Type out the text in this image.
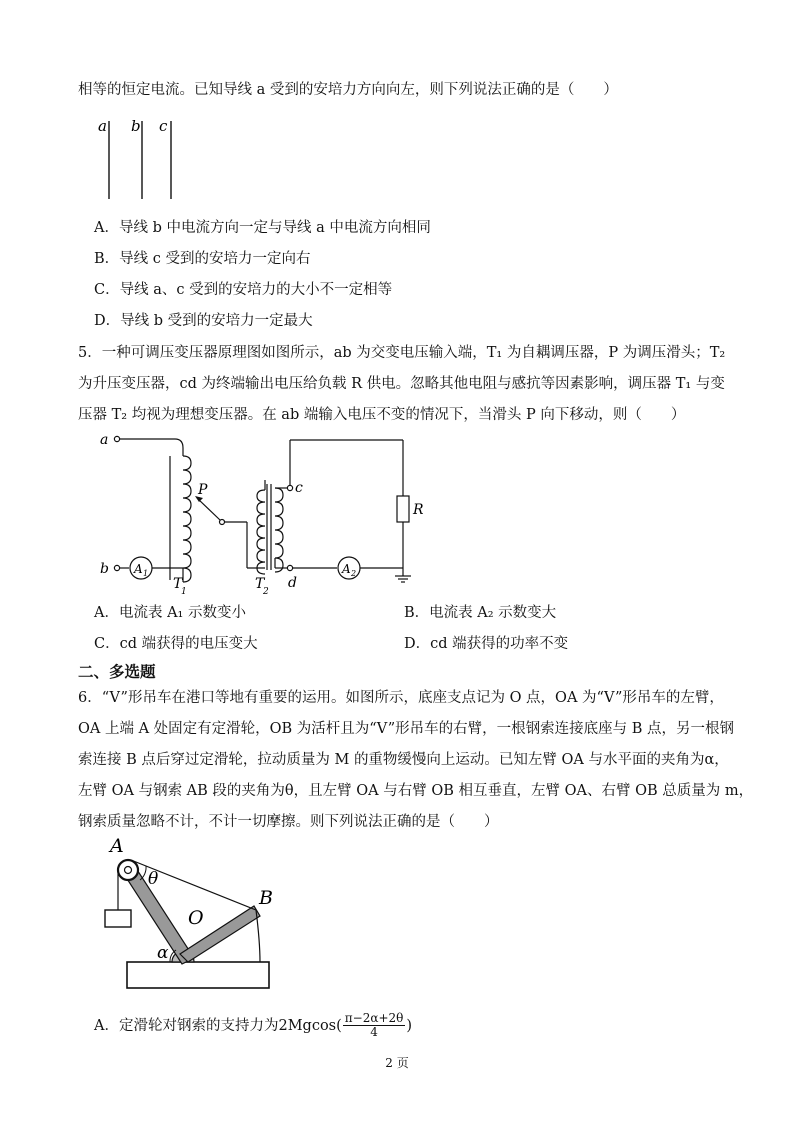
相等的恒定电流。已知导线 a 受到的安培力方向向左，则下列说法正确的是（　　）
a b c
A．导线 b 中电流方向一定与导线 a 中电流方向相同
B．导线 c 受到的安培力一定向右
C．导线 a、c 受到的安培力的大小不一定相等
D．导线 b 受到的安培力一定最大
5．一种可调压变压器原理图如图所示，ab 为交变电压输入端，T₁ 为自耦调压器，P 为调压滑头；T₂
为升压变压器，cd 为终端输出电压给负载 R 供电。忽略其他电阻与感抗等因素影响，调压器 T₁ 与变
压器 T₂ 均视为理想变压器。在 ab 端输入电压不变的情况下，当滑头 P 向下移动，则（　　）
a
b
P	c
d
R
A 1	A 2
T
1	T
2
A．电流表 A₁ 示数变小	B．电流表 A₂ 示数变大
C．cd 端获得的电压变大	D．cd 端获得的功率不变
二、多选题
6．“V”形吊车在港口等地有重要的运用。如图所示，底座支点记为 O 点，OA 为“V”形吊车的左臂，
OA 上端 A 处固定有定滑轮，OB 为活杆且为“V”形吊车的右臂，一根钢索连接底座与 B 点，另一根钢
索连接 B 点后穿过定滑轮，拉动质量为 M 的重物缓慢向上运动。已知左臂 OA 与水平面的夹角为α，
左臂 OA 与钢索 AB 段的夹角为θ，且左臂 OA 与右臂 OB 相互垂直，左臂 OA、右臂 OB 总质量为 m，
钢索质量忽略不计，不计一切摩擦。则下列说法正确的是（　　）
A
B
O
θ
α
A．定滑轮对钢索的支持力为2Mgcos( π−2α+2θ
4 )
2 页
